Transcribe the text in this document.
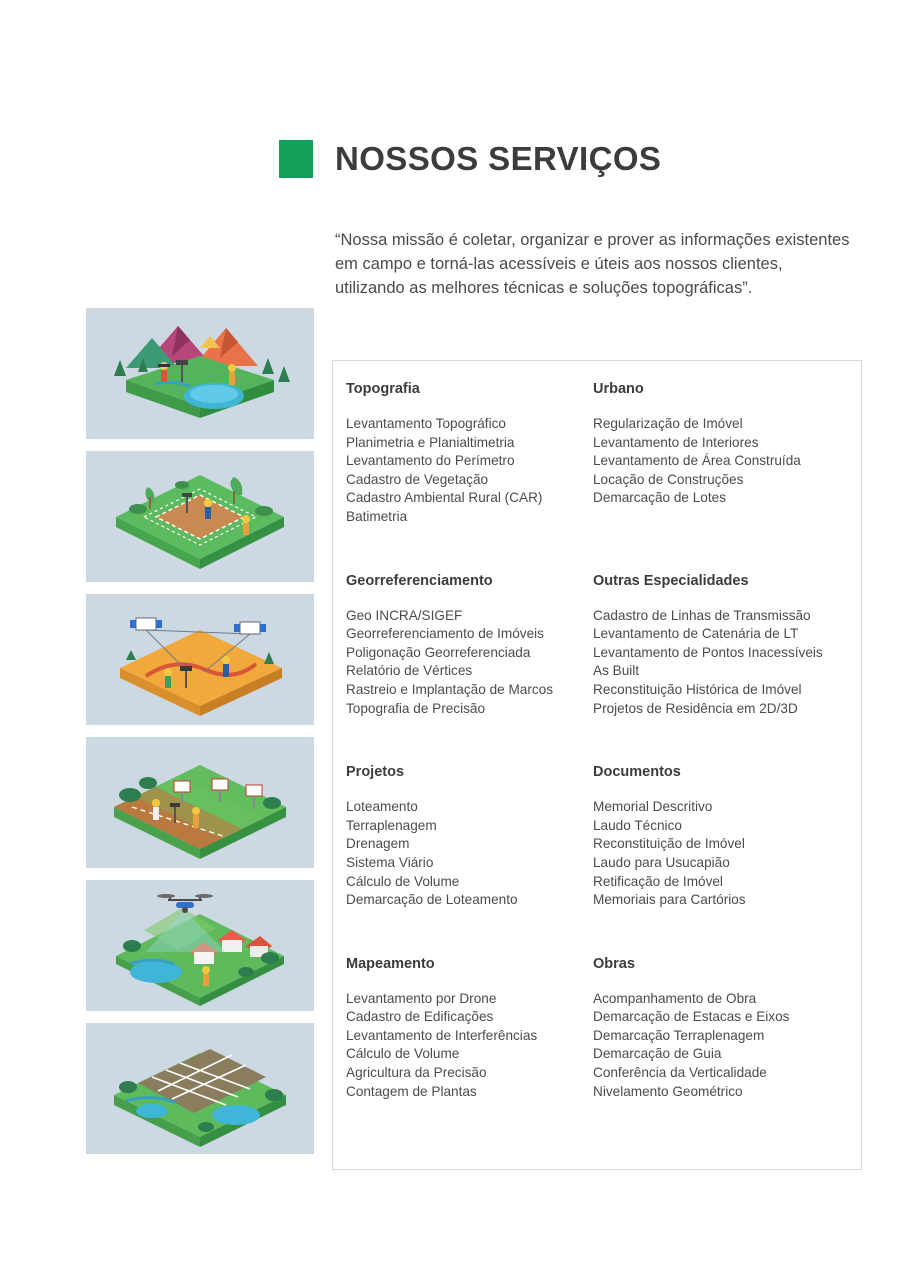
NOSSOS SERVIÇOS
“Nossa missão é coletar, organizar e prover as informações existentes em campo e torná-las acessíveis e úteis aos nossos clientes, utilizando as melhores técnicas e soluções topográficas”.
Topografia
Levantamento Topográfico
Planimetria e Planialtimetria
Levantamento do Perímetro
Cadastro de Vegetação
Cadastro Ambiental Rural (CAR)
Batimetria
Urbano
Regularização de Imóvel
Levantamento de Interiores
Levantamento de Área Construída
Locação de Construções
Demarcação de Lotes
Georreferenciamento
Geo INCRA/SIGEF
Georreferenciamento de Imóveis
Poligonação Georreferenciada
Relatório de Vértices
Rastreio e Implantação de Marcos
Topografia de Precisão
Outras Especialidades
Cadastro de Linhas de Transmissão
Levantamento de Catenária de LT
Levantamento de Pontos Inacessíveis
As Built
Reconstituição Histórica de Imóvel
Projetos de Residência em 2D/3D
Projetos
Loteamento
Terraplenagem
Drenagem
Sistema Viário
Cálculo de Volume
Demarcação de Loteamento
Documentos
Memorial Descritivo
Laudo Técnico
Reconstituição de Imóvel
Laudo para Usucapião
Retificação de Imóvel
Memoriais para Cartórios
Mapeamento
Levantamento por Drone
Cadastro de Edificações
Levantamento de Interferências
Cálculo de Volume
Agricultura da Precisão
Contagem de Plantas
Obras
Acompanhamento de Obra
Demarcação de Estacas e Eixos
Demarcação Terraplenagem
Demarcação de Guia
Conferência da Verticalidade
Nivelamento Geométrico
